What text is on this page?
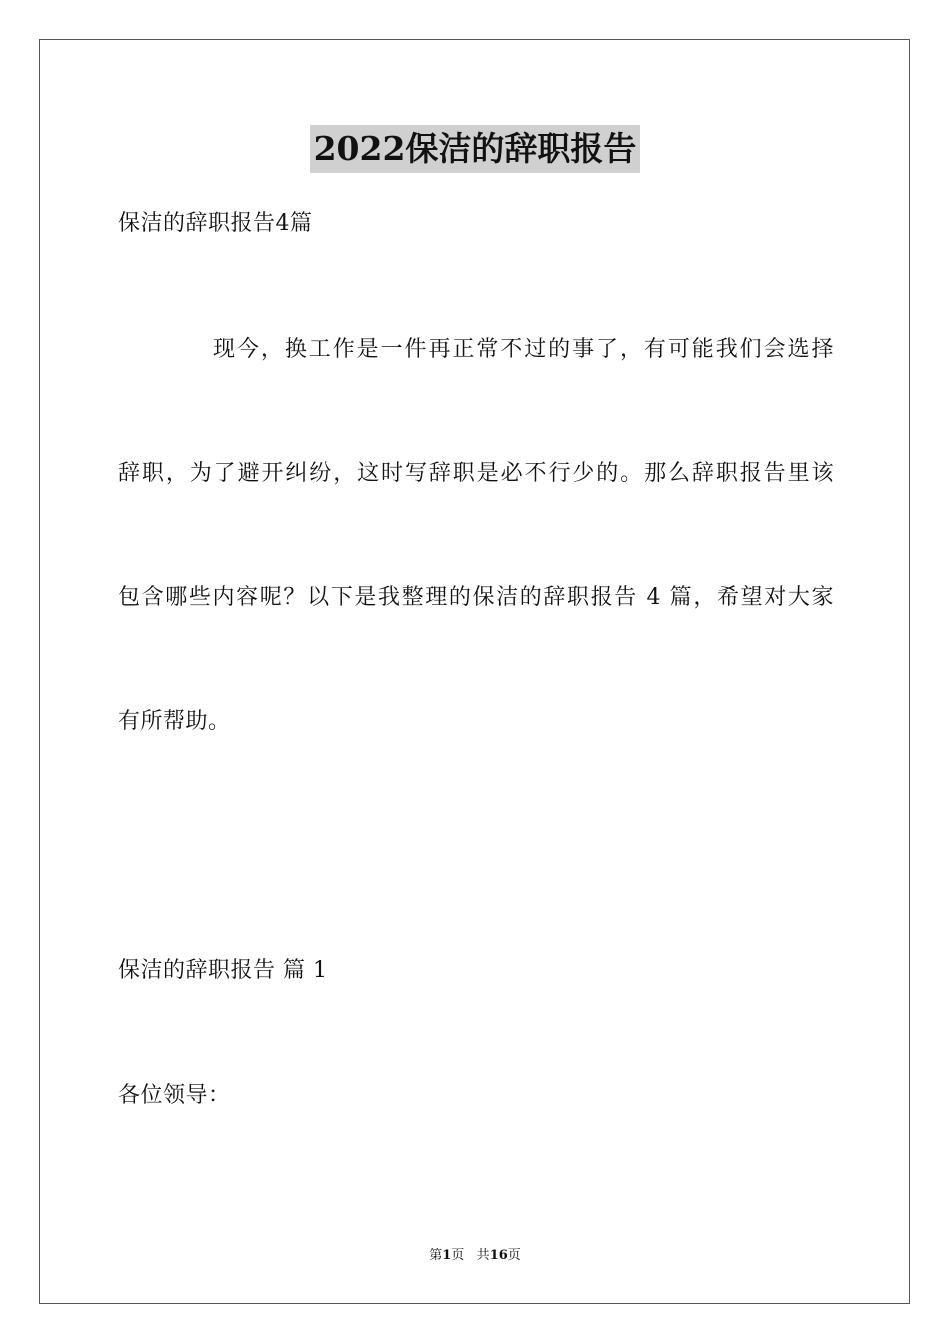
2022保洁的辞职报告
保洁的辞职报告4篇
现今，换工作是一件再正常不过的事了，有可能我们会选择
辞职，为了避开纠纷，这时写辞职是必不行少的。那么辞职报告里该
包含哪些内容呢？以下是我整理的保洁的辞职报告 4 篇，希望对大家
有所帮助。
保洁的辞职报告 篇 1
各位领导：
第1页 共16页
